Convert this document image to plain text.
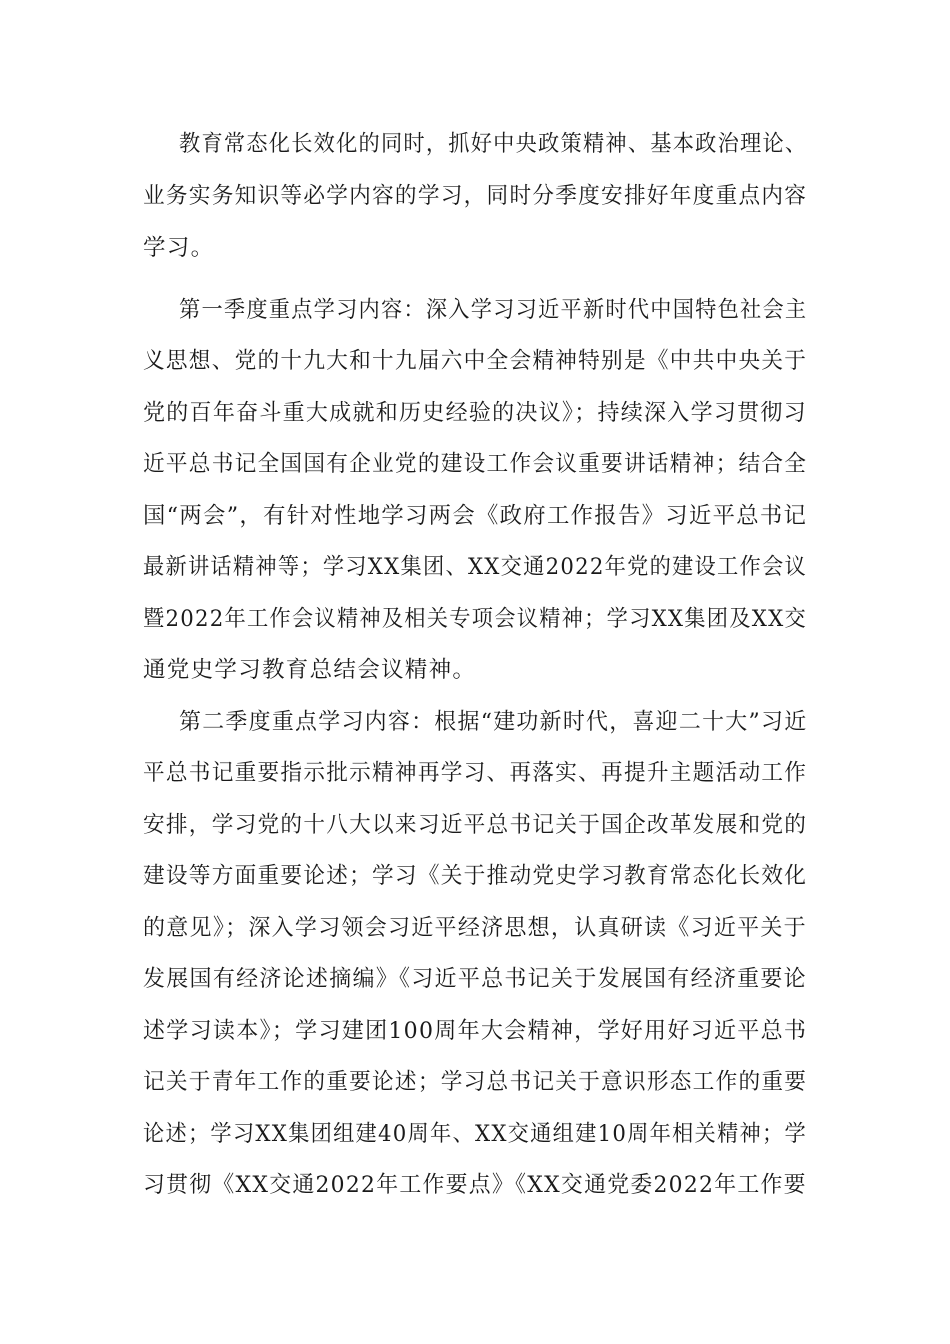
教育常态化长效化的同时，抓好中央政策精神、基本政治理论、
业务实务知识等必学内容的学习，同时分季度安排好年度重点内容
学习。
第一季度重点学习内容：深入学习习近平新时代中国特色社会主
义思想、党的十九大和十九届六中全会精神特别是《中共中央关于
党的百年奋斗重大成就和历史经验的决议》；持续深入学习贯彻习
近平总书记全国国有企业党的建设工作会议重要讲话精神；结合全
国“两会”，有针对性地学习两会《政府工作报告》习近平总书记
最新讲话精神等；学习XX集团、XX交通2022年党的建设工作会议
暨2022年工作会议精神及相关专项会议精神；学习XX集团及XX交
通党史学习教育总结会议精神。
第二季度重点学习内容：根据“建功新时代，喜迎二十大”习近
平总书记重要指示批示精神再学习、再落实、再提升主题活动工作
安排，学习党的十八大以来习近平总书记关于国企改革发展和党的
建设等方面重要论述；学习《关于推动党史学习教育常态化长效化
的意见》；深入学习领会习近平经济思想，认真研读《习近平关于
发展国有经济论述摘编》《习近平总书记关于发展国有经济重要论
述学习读本》；学习建团100周年大会精神，学好用好习近平总书
记关于青年工作的重要论述；学习总书记关于意识形态工作的重要
论述；学习XX集团组建40周年、XX交通组建10周年相关精神；学
习贯彻《XX交通2022年工作要点》《XX交通党委2022年工作要
